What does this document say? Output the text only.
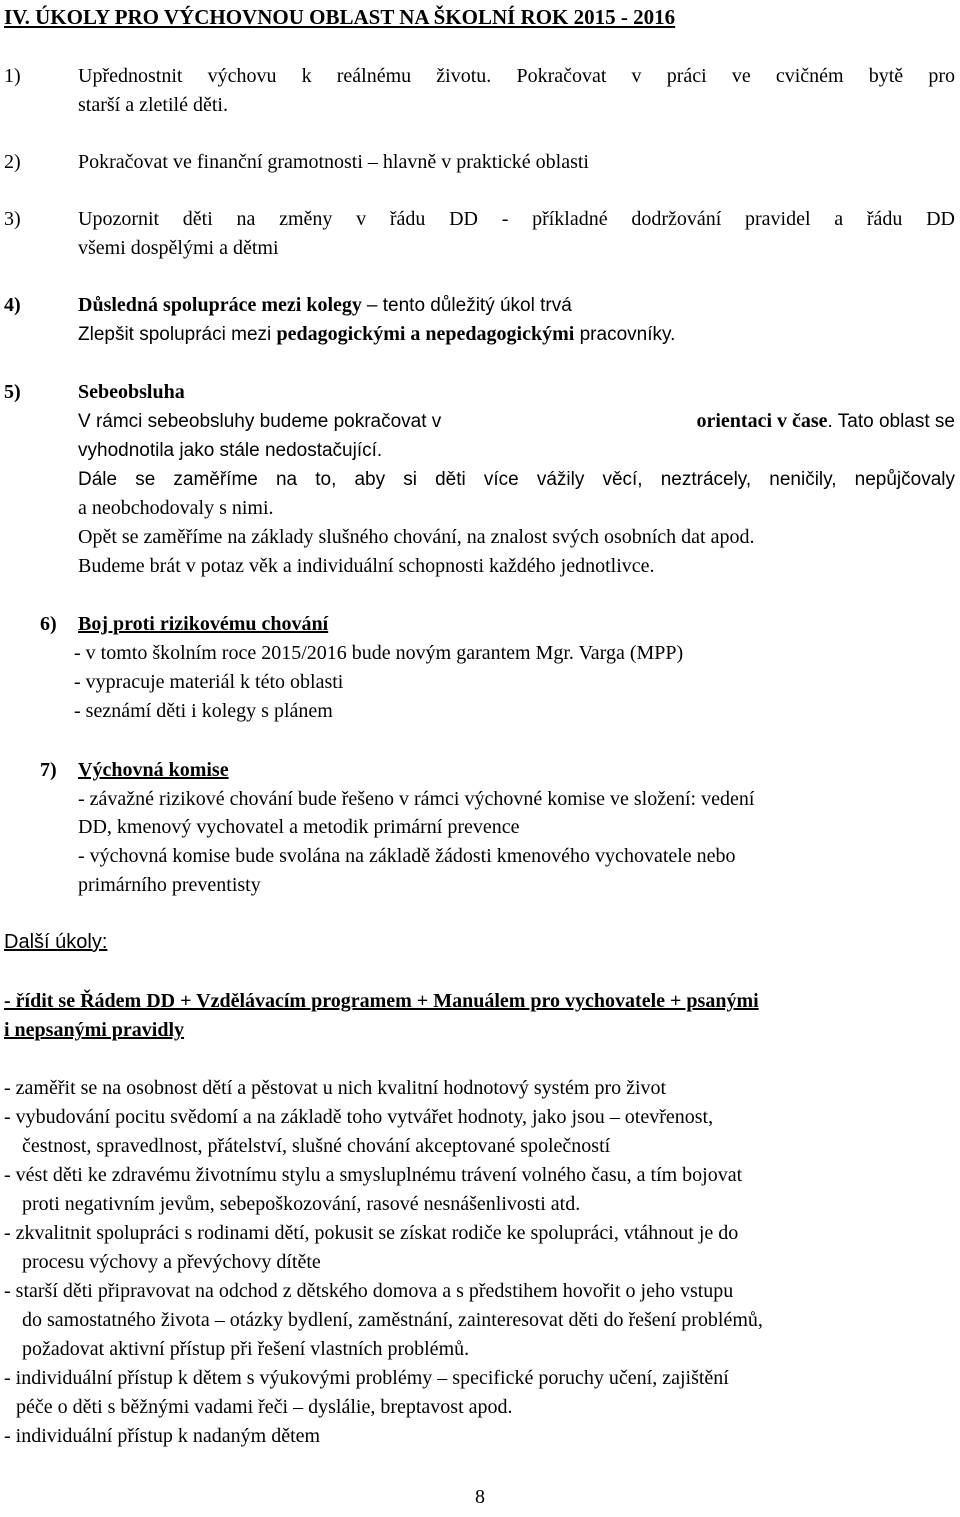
IV. ÚKOLY PRO VÝCHOVNOU OBLAST NA ŠKOLNÍ ROK 2015 - 2016
1)	Upřednostnit výchovu k reálnému životu. Pokračovat v práci ve cvičném bytě pro
starší a zletilé děti.
2)	Pokračovat ve finanční gramotnosti – hlavně v praktické oblasti
3)	Upozornit děti na změny v řádu DD - příkladné dodržování pravidel a řádu DD
všemi dospělými a dětmi
4)	Důsledná spolupráce mezi kolegy – tento důležitý úkol trvá
Zlepšit spolupráci mezi pedagogickými a nepedagogickými pracovníky.
5)	Sebeobsluha
V rámci sebeobsluhy budeme pokračovat v	orientaci v čase. Tato oblast se
vyhodnotila jako stále nedostačující.
Dále se zaměříme na to, aby si děti více vážily věcí, neztrácely, neničily, nepůjčovaly
a neobchodovaly s nimi.
Opět se zaměříme na základy slušného chování, na znalost svých osobních dat apod.
Budeme brát v potaz věk a individuální schopnosti každého jednotlivce.
6) Boj proti rizikovému chování
- v tomto školním roce 2015/2016 bude novým garantem Mgr. Varga (MPP)
- vypracuje materiál k této oblasti
- seznámí děti i kolegy s plánem
7) Výchovná komise
- závažné rizikové chování bude řešeno v rámci výchovné komise ve složení: vedení
DD, kmenový vychovatel a metodik primární prevence
- výchovná komise bude svolána na základě žádosti kmenového vychovatele nebo
primárního preventisty
Další úkoly:
- řídit se Řádem DD + Vzdělávacím programem + Manuálem pro vychovatele + psanými
i nepsanými pravidly
- zaměřit se na osobnost dětí a pěstovat u nich kvalitní hodnotový systém pro život
- vybudování pocitu svědomí a na základě toho vytvářet hodnoty, jako jsou – otevřenost,
čestnost, spravedlnost, přátelství, slušné chování akceptované společností
- vést děti ke zdravému životnímu stylu a smysluplnému trávení volného času, a tím bojovat
proti negativním jevům, sebepoškozování, rasové nesnášenlivosti atd.
- zkvalitnit spolupráci s rodinami dětí, pokusit se získat rodiče ke spolupráci, vtáhnout je do
procesu výchovy a převýchovy dítěte
- starší děti připravovat na odchod z dětského domova a s předstihem hovořit o jeho vstupu
do samostatného života – otázky bydlení, zaměstnání, zainteresovat děti do řešení problémů,
požadovat aktivní přístup při řešení vlastních problémů.
- individuální přístup k dětem s výukovými problémy – specifické poruchy učení, zajištění
péče o děti s běžnými vadami řeči – dyslálie, breptavost apod.
- individuální přístup k nadaným dětem
8
